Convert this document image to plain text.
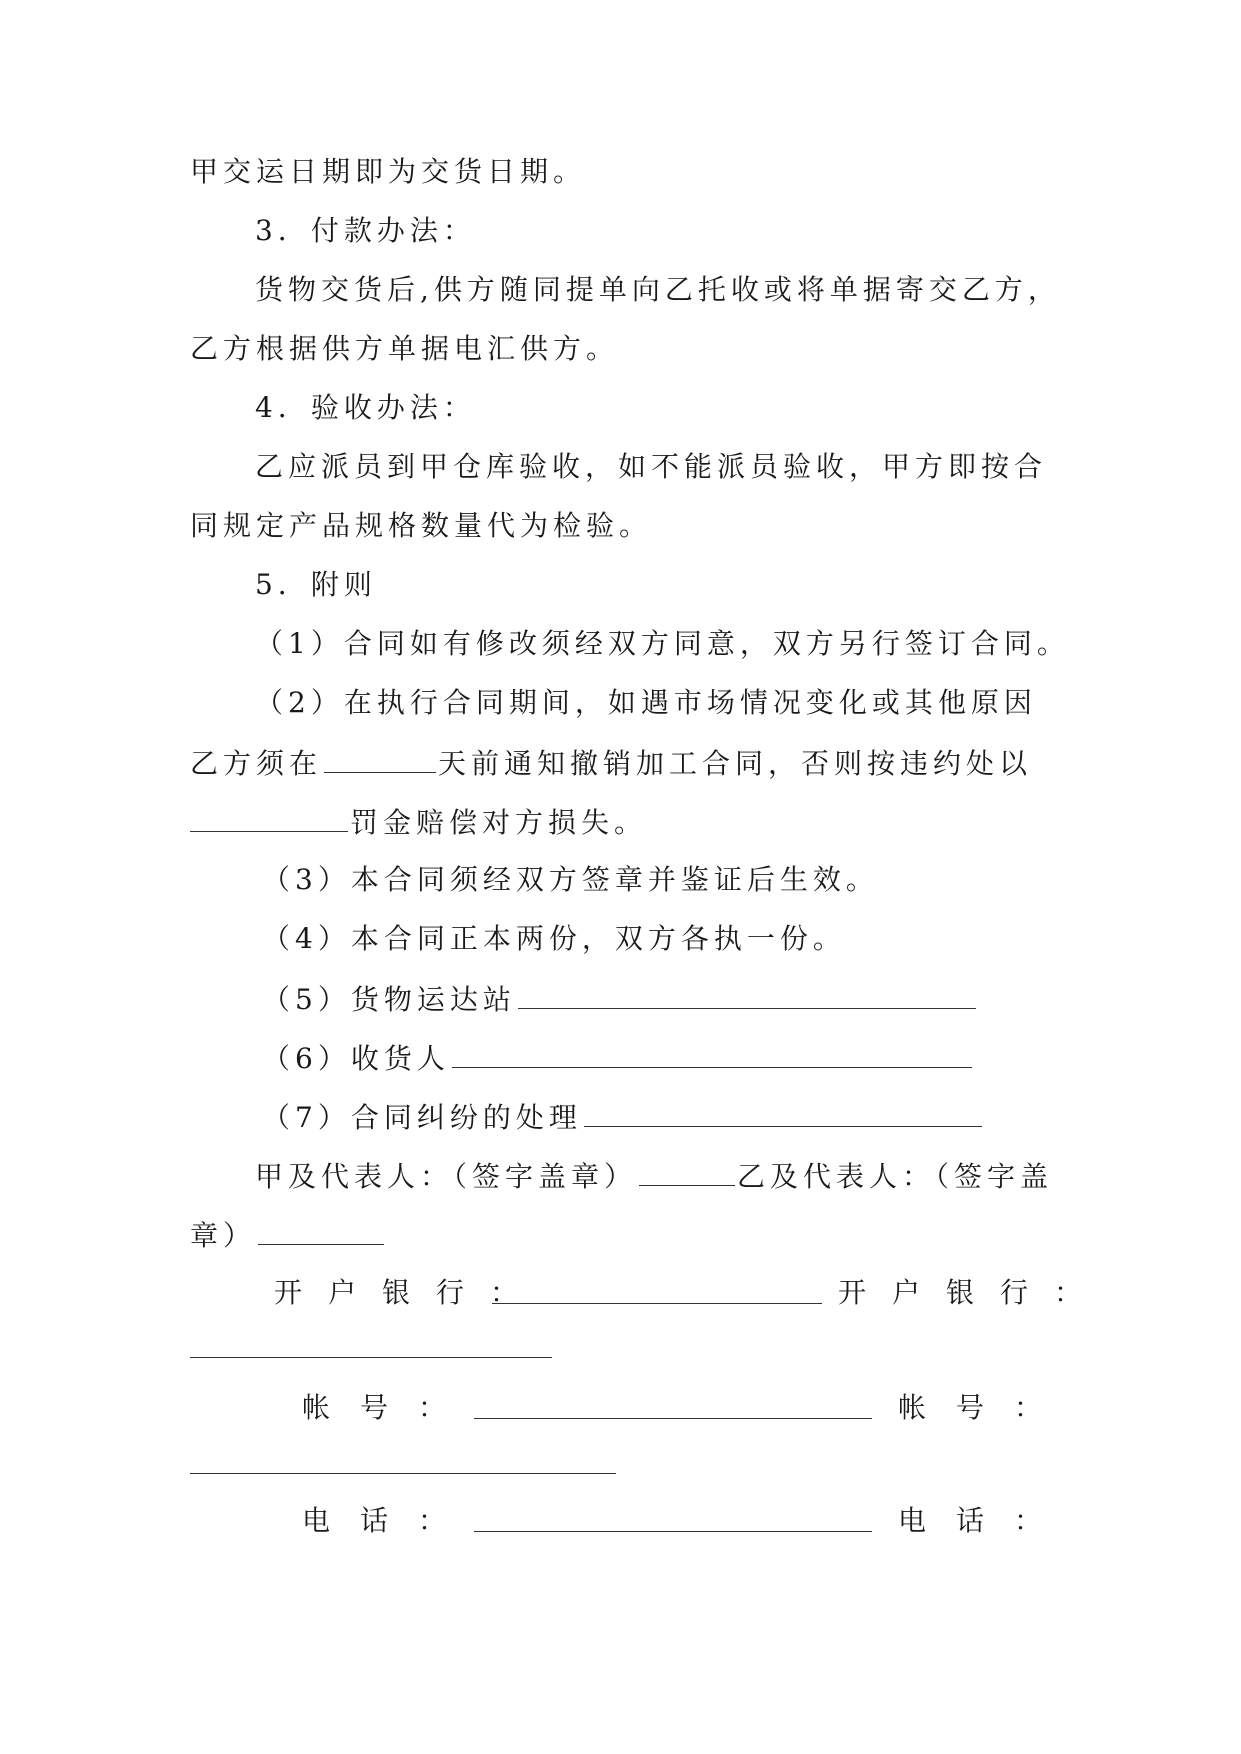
甲交运日期即为交货日期。
3．付款办法：
货物交货后,供方随同提单向乙托收或将单据寄交乙方，
乙方根据供方单据电汇供方。
4．验收办法：
乙应派员到甲仓库验收，如不能派员验收，甲方即按合
同规定产品规格数量代为检验。
5．附则
（1）合同如有修改须经双方同意，双方另行签订合同。
（2）在执行合同期间，如遇市场情况变化或其他原因
乙方须在	天前通知撤销加工合同，否则按违约处以
罚金赔偿对方损失。
（3）本合同须经双方签章并鉴证后生效。
（4）本合同正本两份，双方各执一份。
（5）货物运达站
（6）收货人
（7）合同纠纷的处理
甲及代表人：（签字盖章）	乙及代表人：（签字盖
章）
开户银行：	开户银行：
帐号：	帐号：
电话：	电话：
